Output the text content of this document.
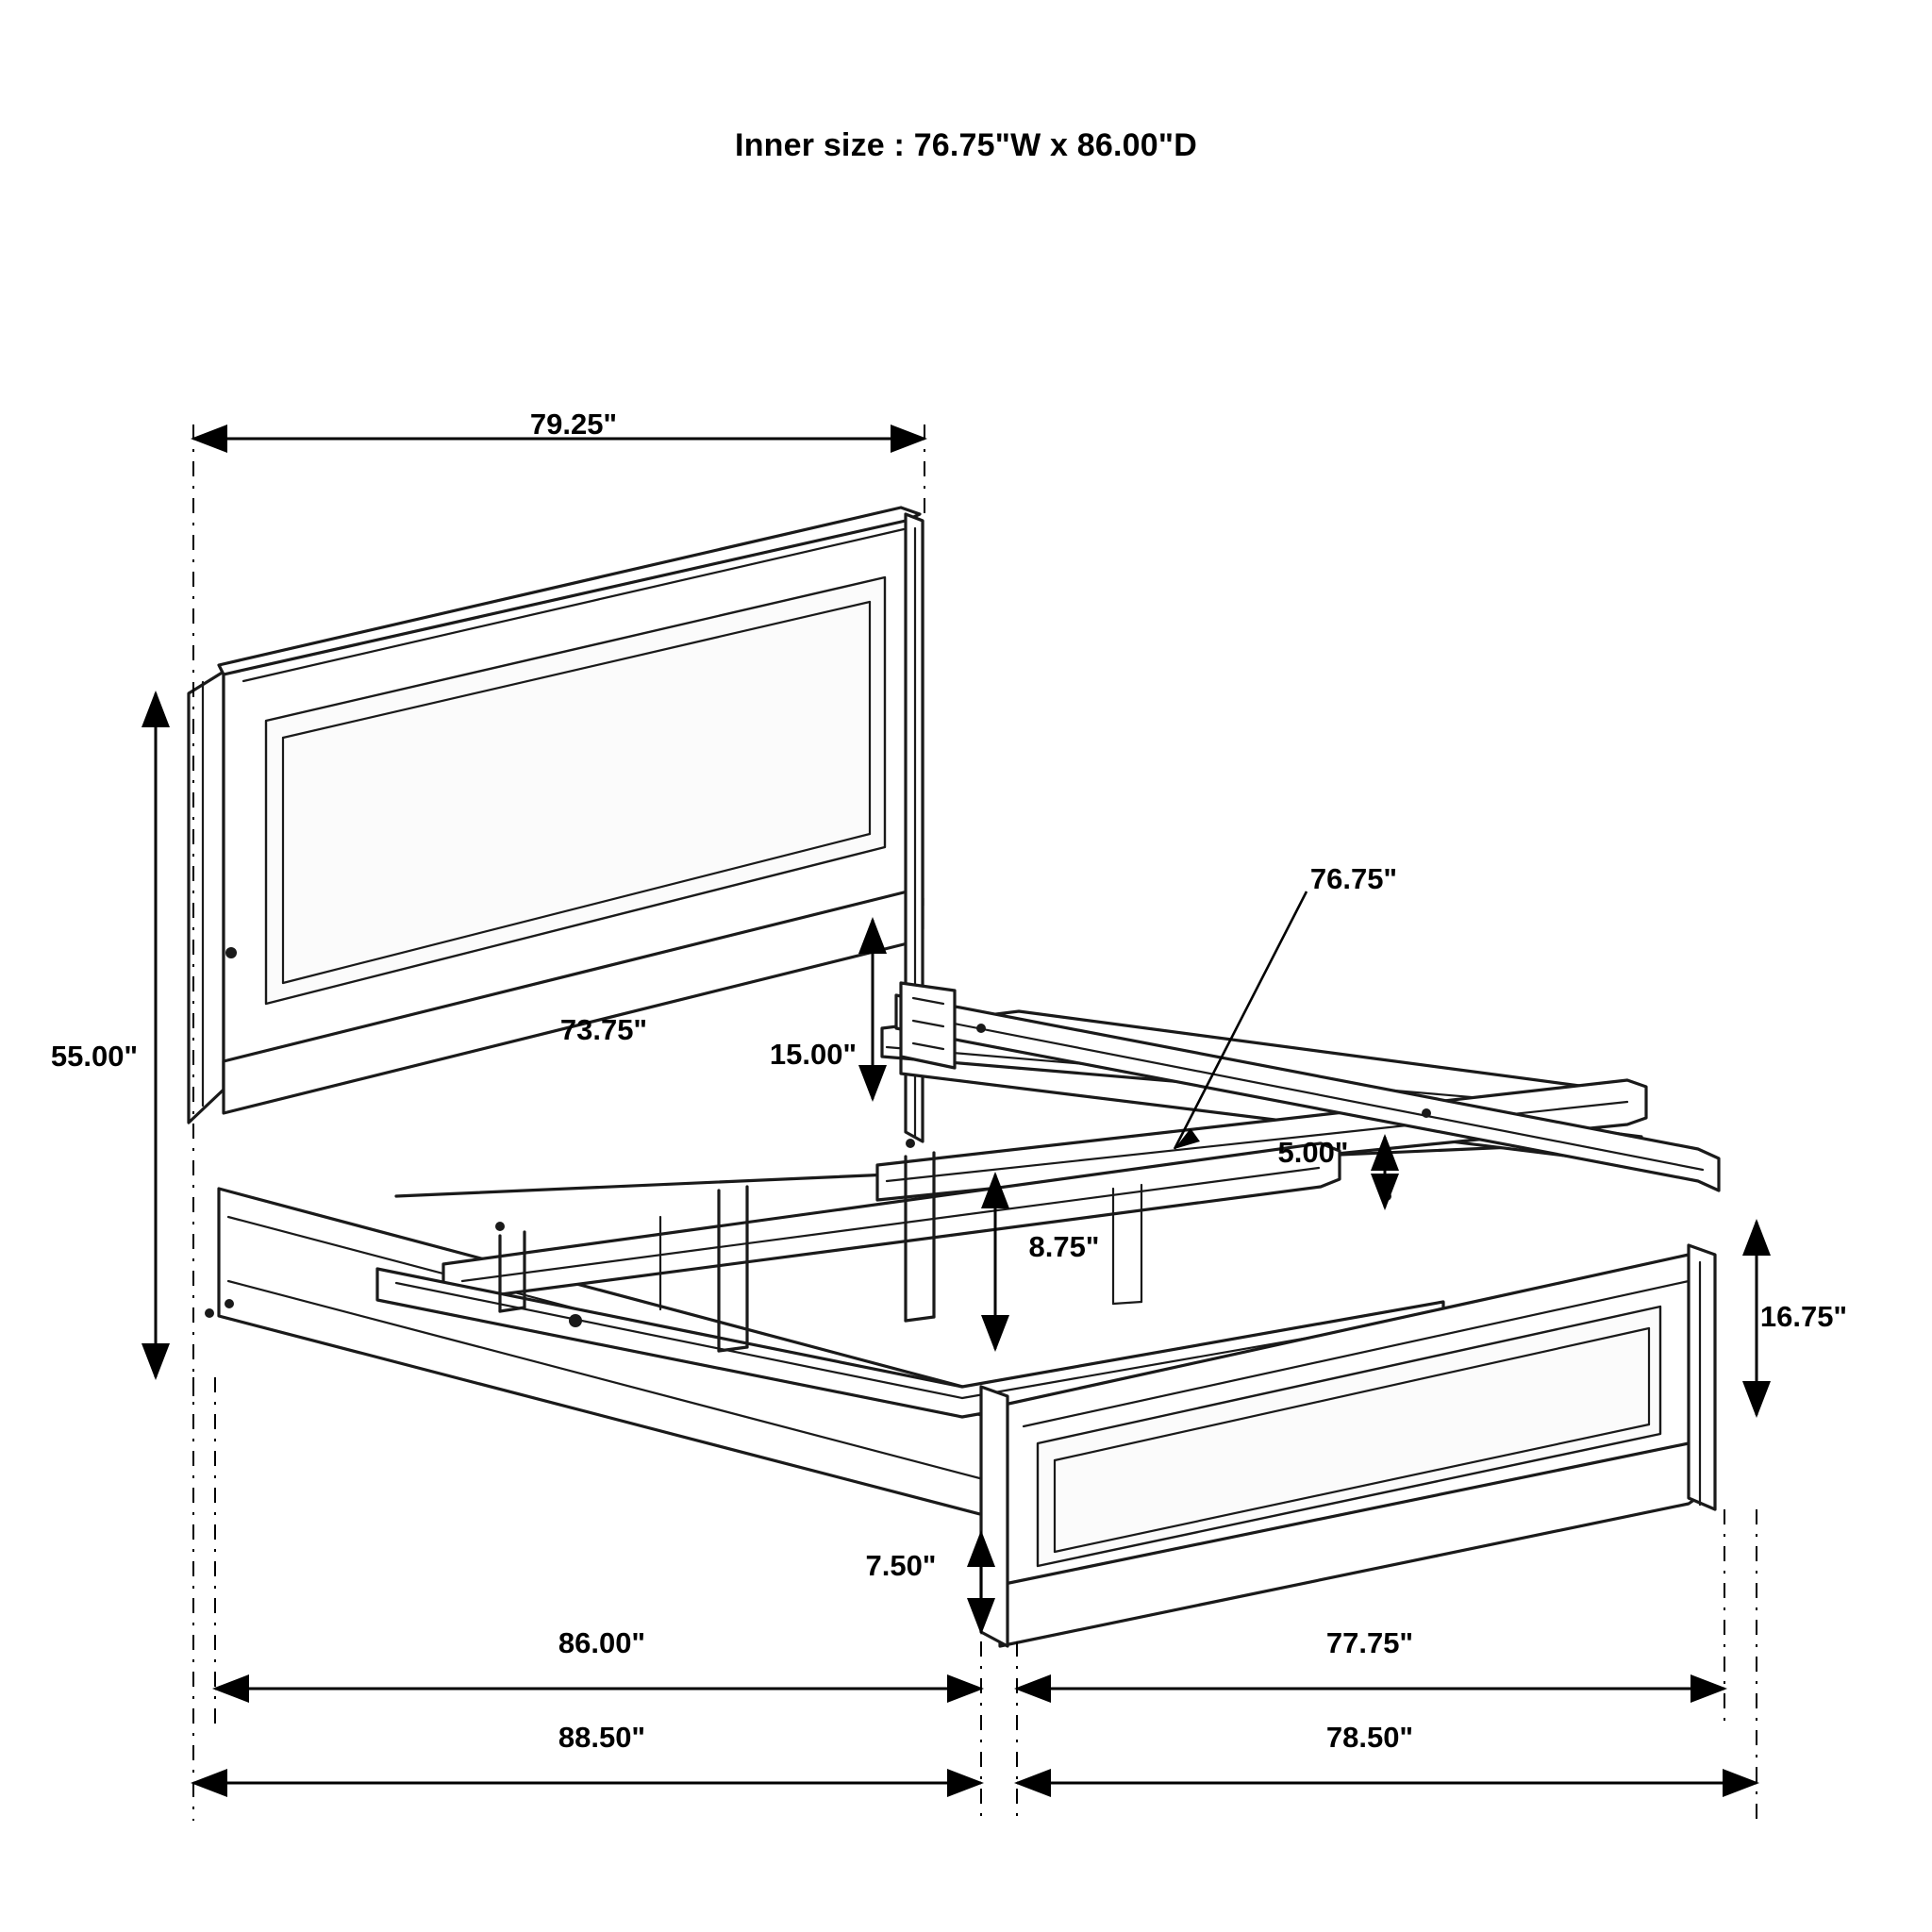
Inner size : 76.75"W x 86.00"D
79.25"
55.00"
73.75"
15.00"
76.75"
5.00"
8.75"
16.75"
7.50"
86.00"
88.50"
77.75"
78.50"
